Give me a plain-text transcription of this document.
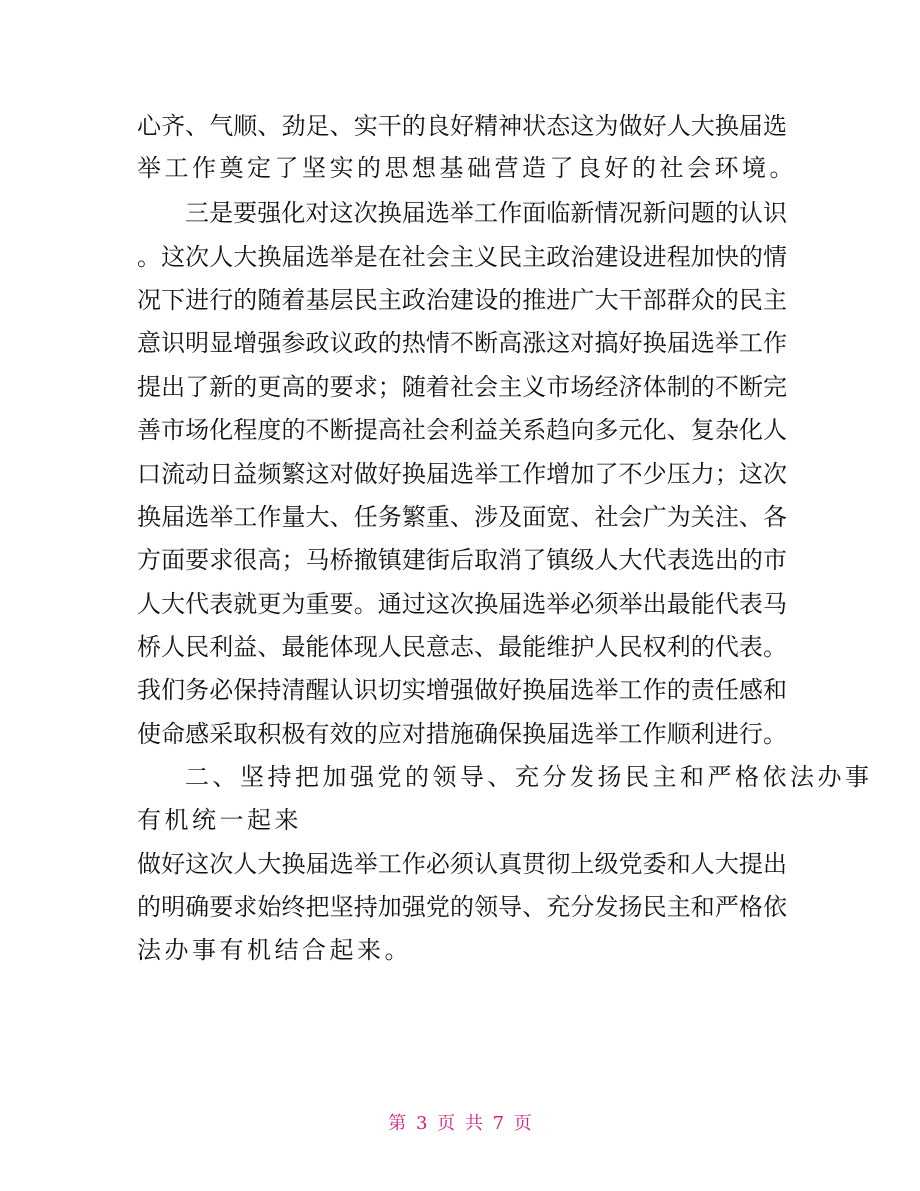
心齐、气顺、劲足、实干的良好精神状态这为做好人大换届选
举工作奠定了坚实的思想基础营造了良好的社会环境。
三是要强化对这次换届选举工作面临新情况新问题的认识
。这次人大换届选举是在社会主义民主政治建设进程加快的情
况下进行的随着基层民主政治建设的推进广大干部群众的民主
意识明显增强参政议政的热情不断高涨这对搞好换届选举工作
提出了新的更高的要求；随着社会主义市场经济体制的不断完
善市场化程度的不断提高社会利益关系趋向多元化、复杂化人
口流动日益频繁这对做好换届选举工作增加了不少压力；这次
换届选举工作量大、任务繁重、涉及面宽、社会广为关注、各
方面要求很高；马桥撤镇建街后取消了镇级人大代表选出的市
人大代表就更为重要。通过这次换届选举必须举出最能代表马
桥人民利益、最能体现人民意志、最能维护人民权利的代表。
我们务必保持清醒认识切实增强做好换届选举工作的责任感和
使命感采取积极有效的应对措施确保换届选举工作顺利进行。
二、坚持把加强党的领导、充分发扬民主和严格依法办事
有机统一起来
做好这次人大换届选举工作必须认真贯彻上级党委和人大提出
的明确要求始终把坚持加强党的领导、充分发扬民主和严格依
法办事有机结合起来。
第 3 页 共 7 页
